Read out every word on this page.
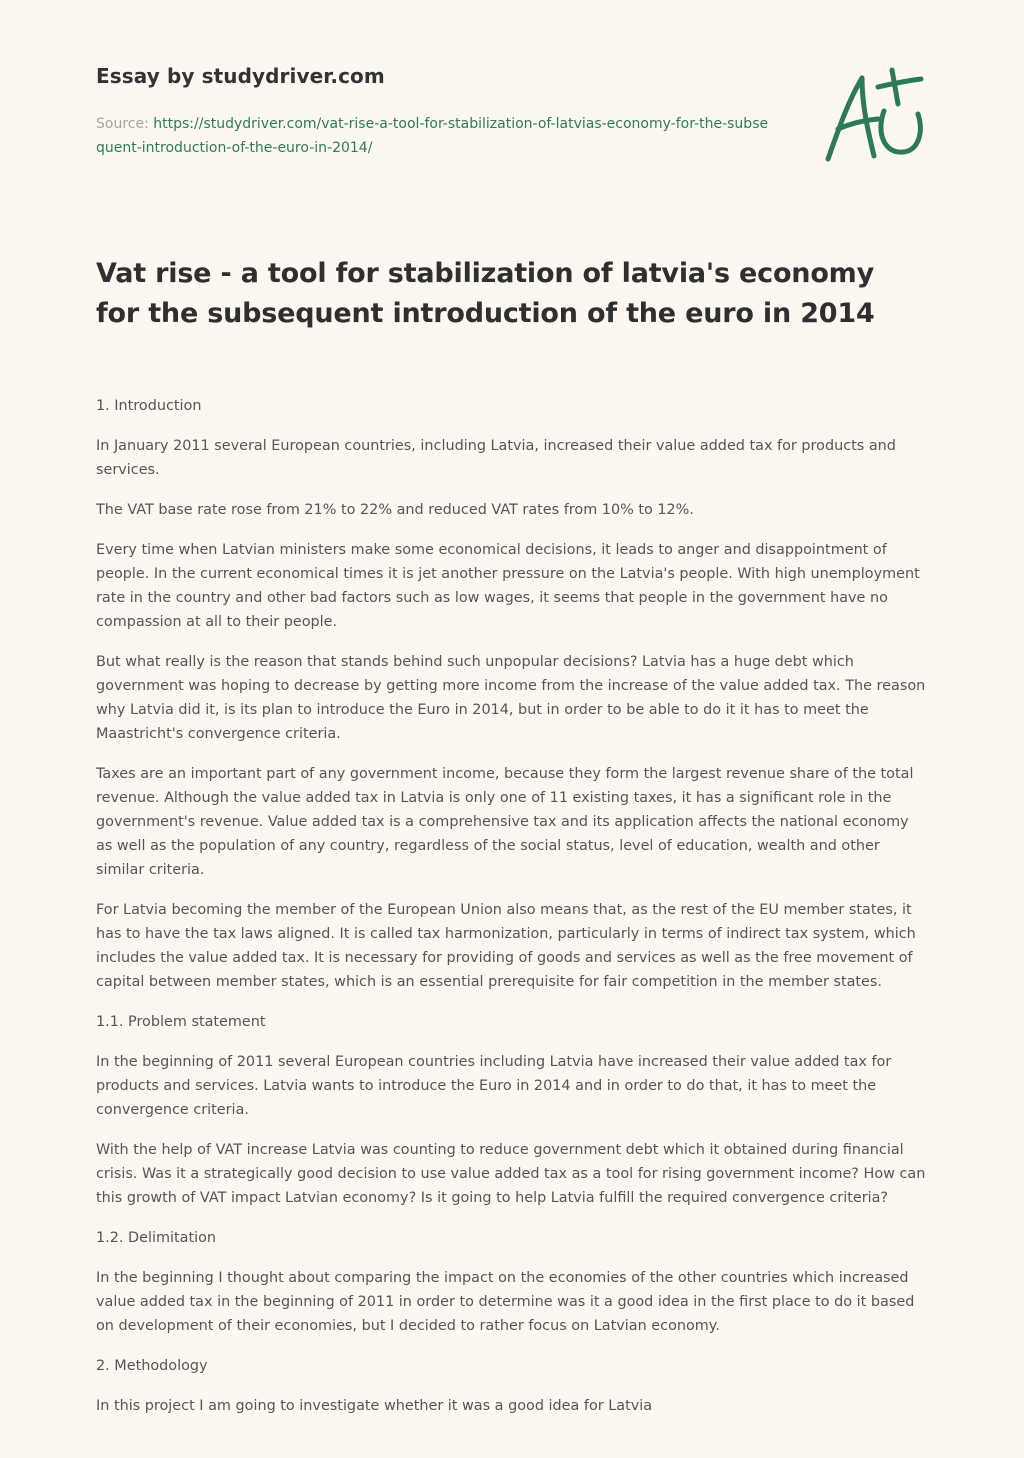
Essay by studydriver.com
Source: https://studydriver.com/vat-rise-a-tool-for-stabilization-of-latvias-economy-for-the-subsequent-introduction-of-the-euro-in-2014/
Vat rise - a tool for stabilization of latvia's economy for the subsequent introduction of the euro in 2014

1. Introduction

In January 2011 several European countries, including Latvia, increased their value added tax for products and services.

The VAT base rate rose from 21% to 22% and reduced VAT rates from 10% to 12%.

Every time when Latvian ministers make some economical decisions, it leads to anger and disappointment of people. In the current economical times it is jet another pressure on the Latvia's people. With high unemployment rate in the country and other bad factors such as low wages, it seems that people in the government have no compassion at all to their people.

But what really is the reason that stands behind such unpopular decisions? Latvia has a huge debt which government was hoping to decrease by getting more income from the increase of the value added tax. The reason why Latvia did it, is its plan to introduce the Euro in 2014, but in order to be able to do it it has to meet the Maastricht's convergence criteria.

Taxes are an important part of any government income, because they form the largest revenue share of the total revenue. Although the value added tax in Latvia is only one of 11 existing taxes, it has a significant role in the government's revenue. Value added tax is a comprehensive tax and its application affects the national economy as well as the population of any country, regardless of the social status, level of education, wealth and other similar criteria.

For Latvia becoming the member of the European Union also means that, as the rest of the EU member states, it has to have the tax laws aligned. It is called tax harmonization, particularly in terms of indirect tax system, which includes the value added tax. It is necessary for providing of goods and services as well as the free movement of capital between member states, which is an essential prerequisite for fair competition in the member states.

1.1. Problem statement

In the beginning of 2011 several European countries including Latvia have increased their value added tax for products and services. Latvia wants to introduce the Euro in 2014 and in order to do that, it has to meet the convergence criteria.

With the help of VAT increase Latvia was counting to reduce government debt which it obtained during financial crisis. Was it a strategically good decision to use value added tax as a tool for rising government income? How can this growth of VAT impact Latvian economy? Is it going to help Latvia fulfill the required convergence criteria?

1.2. Delimitation

In the beginning I thought about comparing the impact on the economies of the other countries which increased value added tax in the beginning of 2011 in order to determine was it a good idea in the first place to do it based on development of their economies, but I decided to rather focus on Latvian economy.

2. Methodology

In this project I am going to investigate whether it was a good idea for Latvia
